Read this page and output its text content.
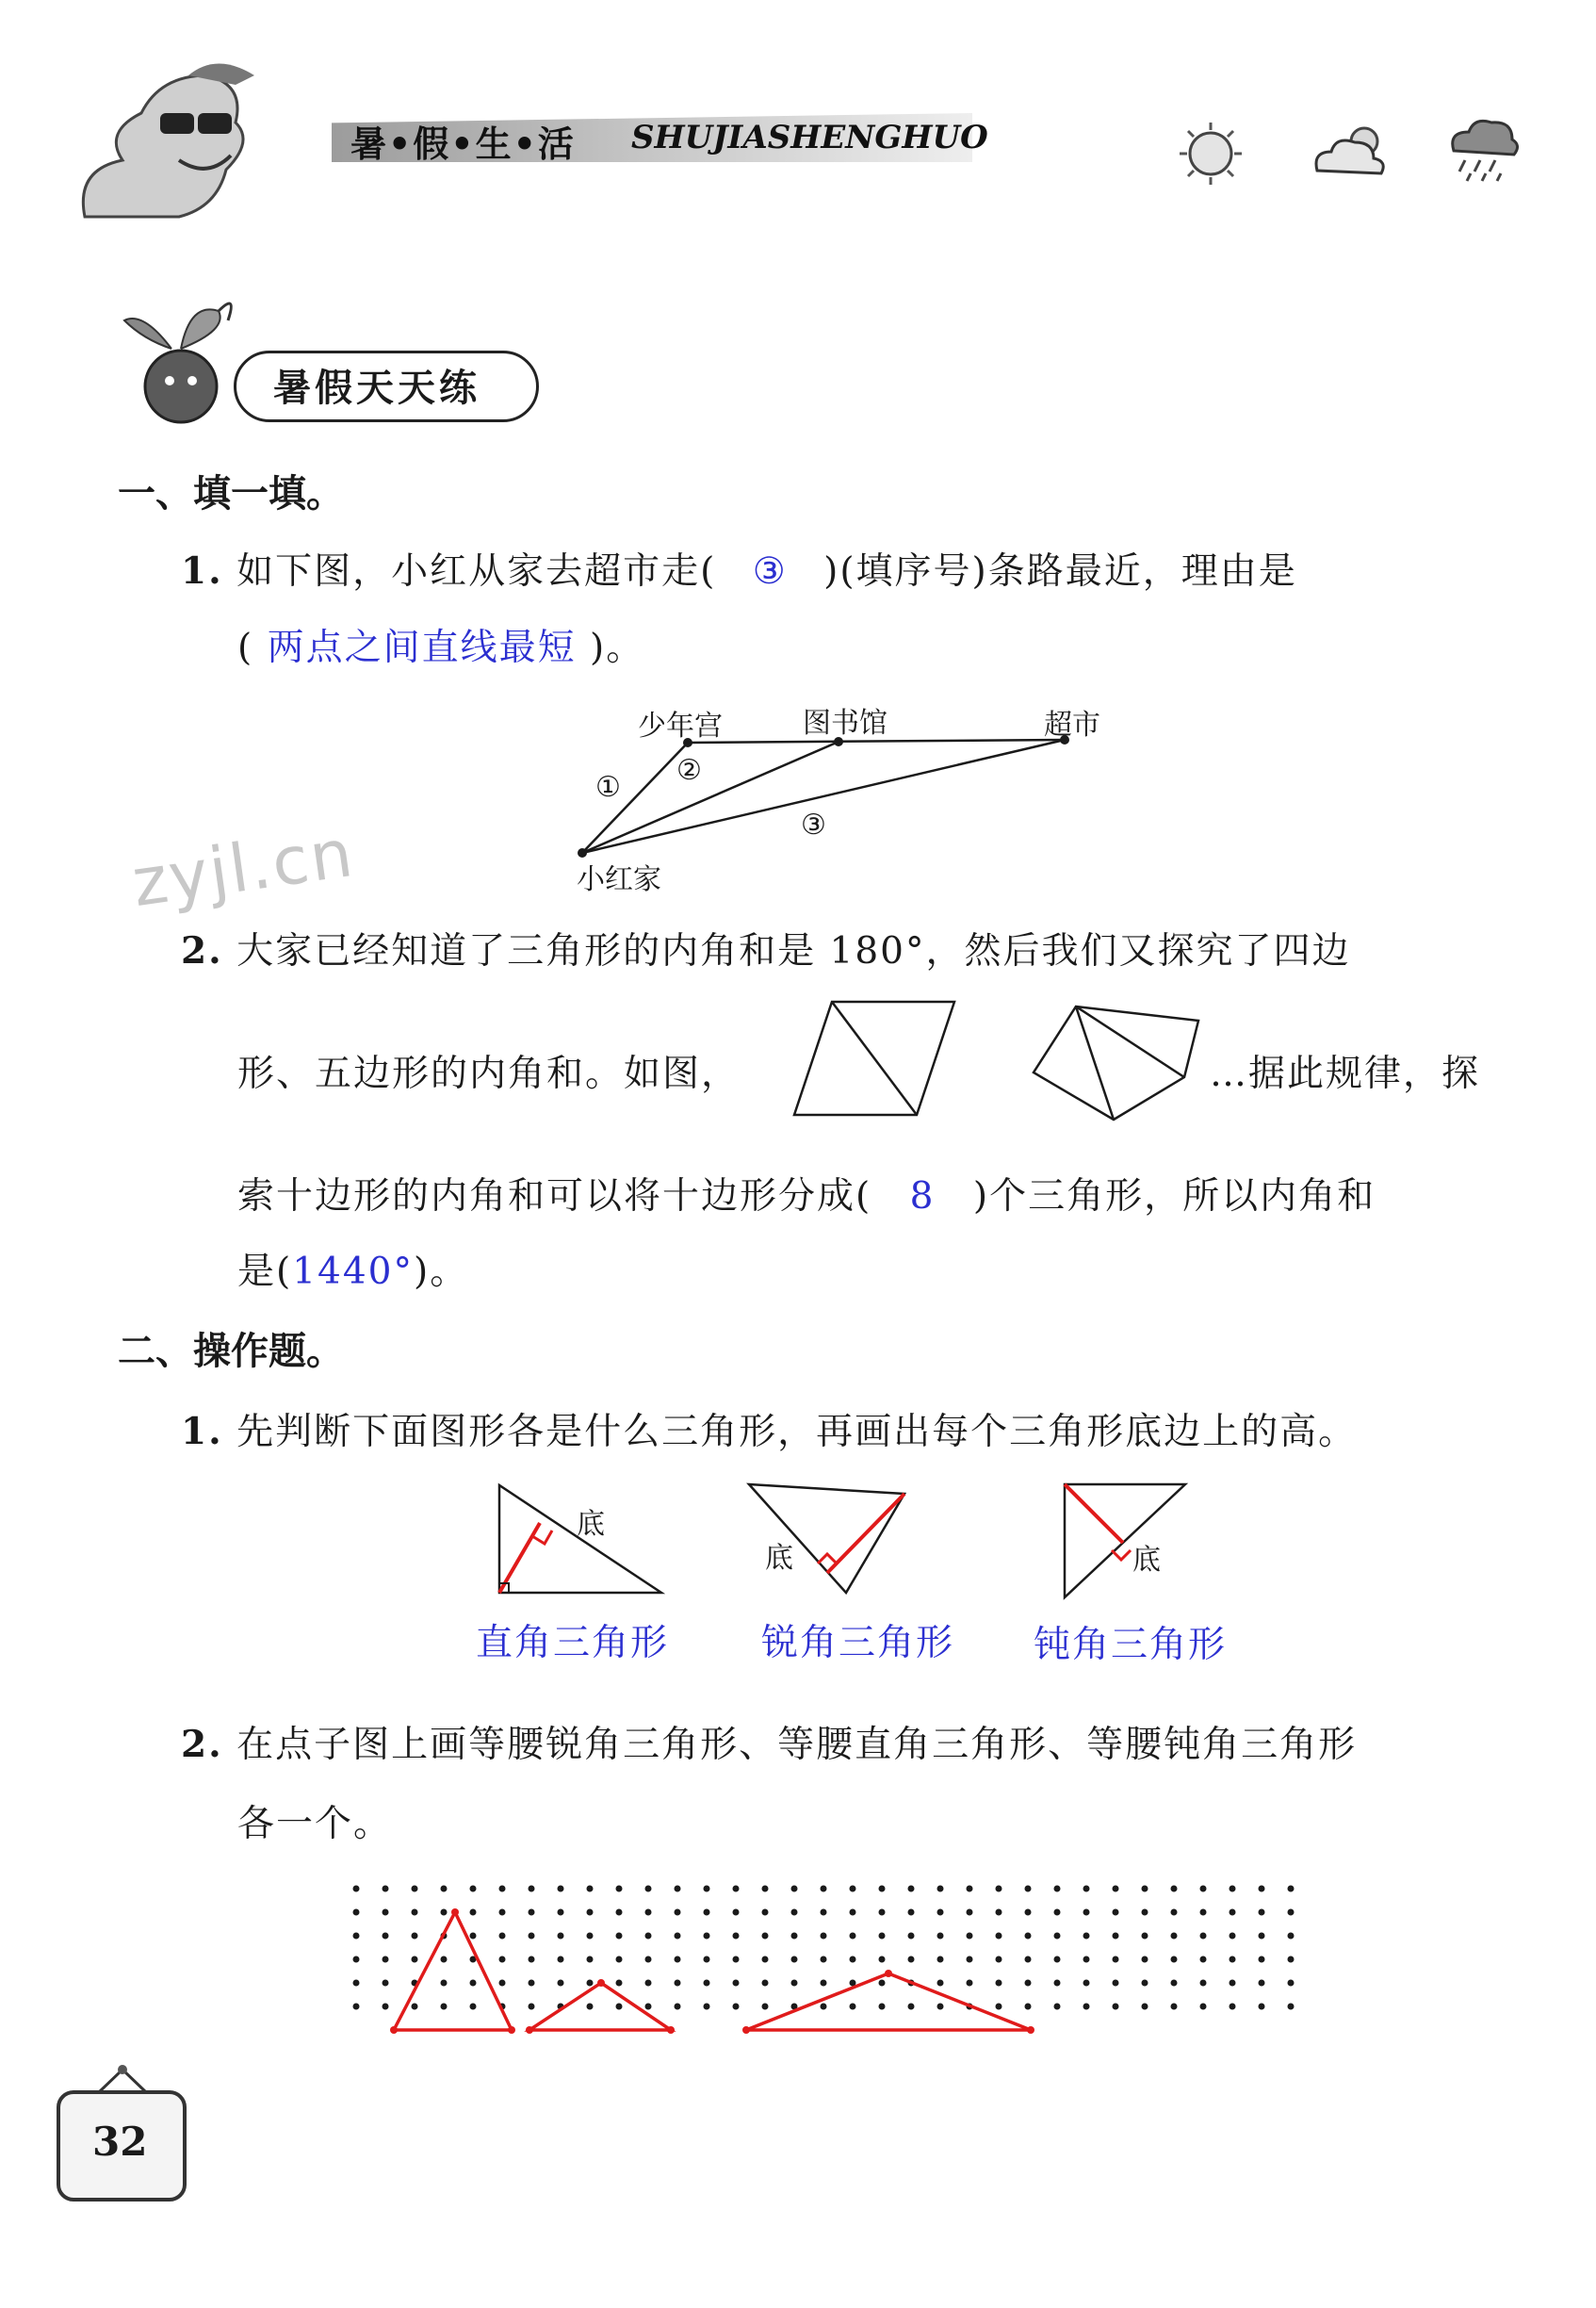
暑•假•生•活 SHUJIASHENGHUO
暑假天天练
zyjl.cn
一、填一填。
1. 如下图，小红从家去超市走( ③ )(填序号)条路最近，理由是
( 两点之间直线最短 )。
少年宫	图书馆	超市
小红家
①
②
③
2. 大家已经知道了三角形的内角和是 180°，然后我们又探究了四边
形、五边形的内角和。如图，	…据此规律，探
索十边形的内角和可以将十边形分成( 8 )个三角形，所以内角和
是(1440°)。
二、操作题。
1. 先判断下面图形各是什么三角形，再画出每个三角形底边上的高。
底
底	底
直角三角形	锐角三角形 钝角三角形
2. 在点子图上画等腰锐角三角形、等腰直角三角形、等腰钝角三角形
各一个。
32
